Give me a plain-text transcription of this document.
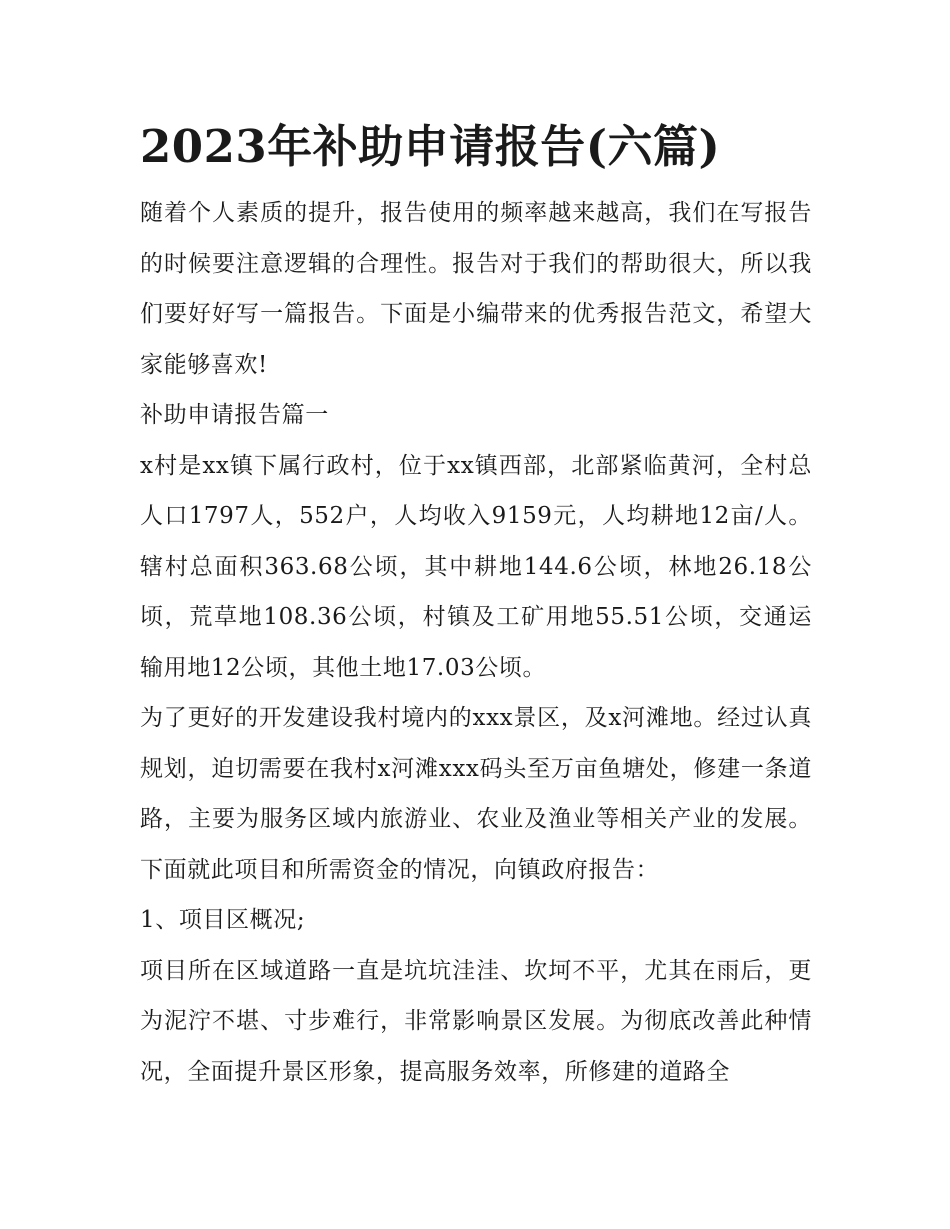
2023年补助申请报告(六篇)

随着个人素质的提升，报告使用的频率越来越高，我们在写报告的时候要注意逻辑的合理性。报告对于我们的帮助很大，所以我们要好好写一篇报告。下面是小编带来的优秀报告范文，希望大家能够喜欢!

补助申请报告篇一

x村是xx镇下属行政村，位于xx镇西部，北部紧临黄河，全村总人口1797人，552户，人均收入9159元，人均耕地12亩/人。辖村总面积363.68公顷，其中耕地144.6公顷，林地26.18公顷，荒草地108.36公顷，村镇及工矿用地55.51公顷，交通运输用地12公顷，其他土地17.03公顷。

为了更好的开发建设我村境内的xxx景区，及x河滩地。经过认真规划，迫切需要在我村x河滩xxx码头至万亩鱼塘处，修建一条道路，主要为服务区域内旅游业、农业及渔业等相关产业的发展。下面就此项目和所需资金的情况，向镇政府报告：

1、项目区概况;

项目所在区域道路一直是坑坑洼洼、坎坷不平，尤其在雨后，更为泥泞不堪、寸步难行，非常影响景区发展。为彻底改善此种情况，全面提升景区形象，提高服务效率，所修建的道路全
